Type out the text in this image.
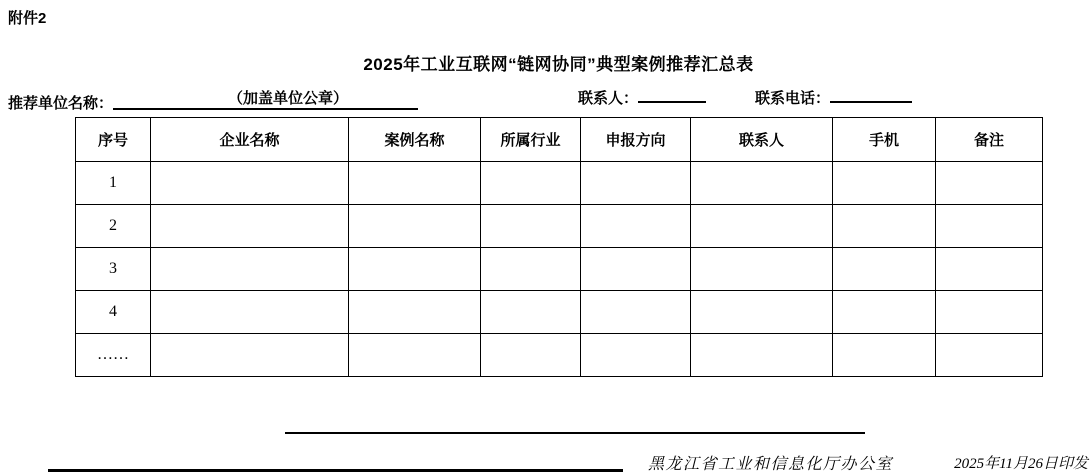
附件2
2025年工业互联网“链网协同”典型案例推荐汇总表
推荐单位名称：	（加盖单位公章）	联系人：	联系电话：
序号	企业名称	案例名称	所属行业	申报方向	联系人	手机	备注
1							
2							
3							
4							
……							
黑龙江省工业和信息化厅办公室	2025年11月26日印发
